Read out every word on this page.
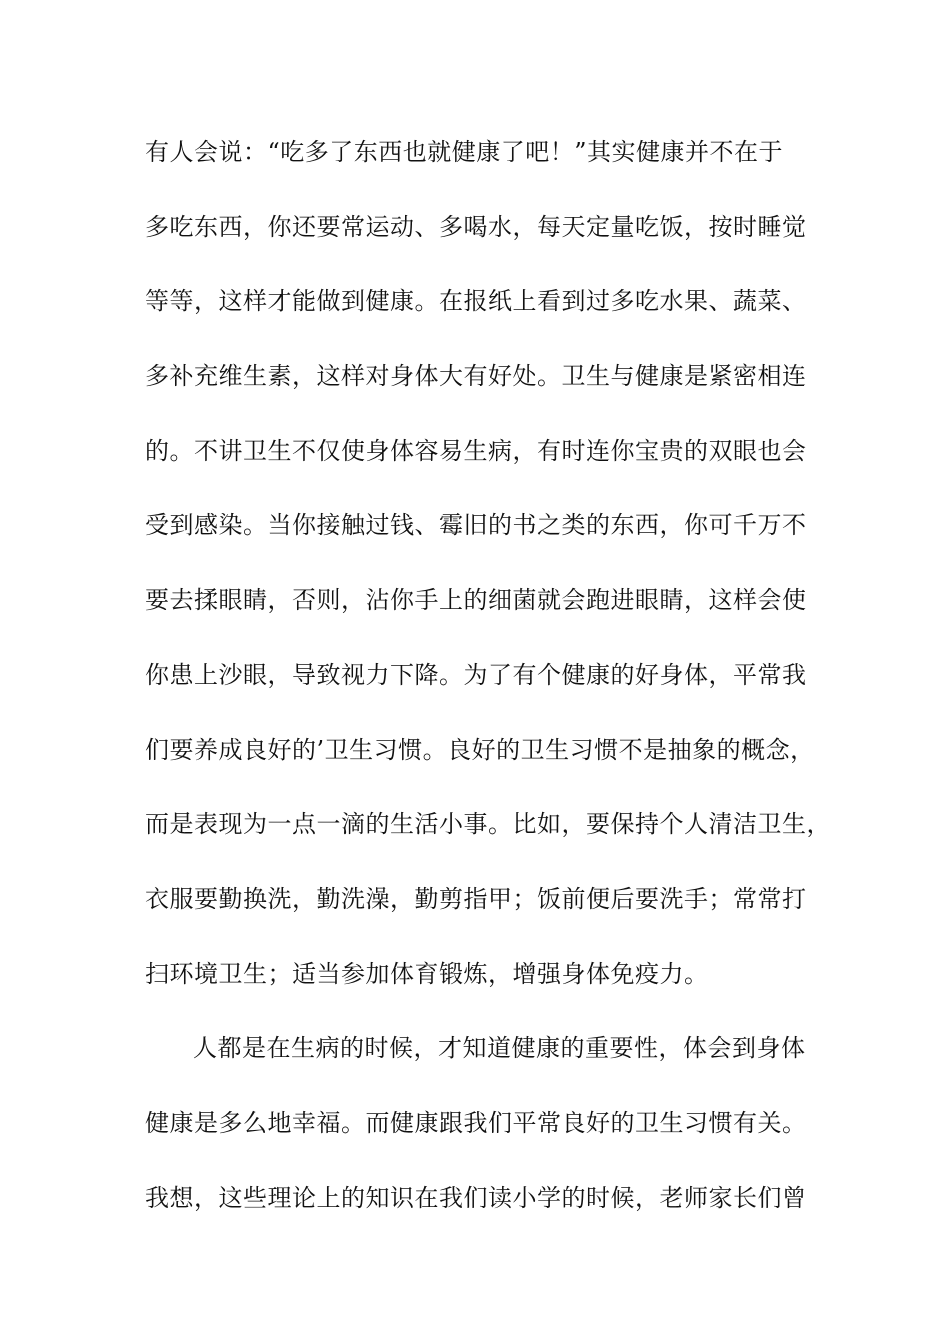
有人会说：“吃多了东西也就健康了吧！”其实健康并不在于
多吃东西，你还要常运动、多喝水，每天定量吃饭，按时睡觉
等等，这样才能做到健康。在报纸上看到过多吃水果、蔬菜、
多补充维生素，这样对身体大有好处。卫生与健康是紧密相连
的。不讲卫生不仅使身体容易生病，有时连你宝贵的双眼也会
受到感染。当你接触过钱、霉旧的书之类的东西，你可千万不
要去揉眼睛，否则，沾你手上的细菌就会跑进眼睛，这样会使
你患上沙眼，导致视力下降。为了有个健康的好身体，平常我
们要养成良好的’卫生习惯。良好的卫生习惯不是抽象的概念，
而是表现为一点一滴的生活小事。比如，要保持个人清洁卫生，
衣服要勤换洗，勤洗澡，勤剪指甲；饭前便后要洗手；常常打
扫环境卫生；适当参加体育锻炼，增强身体免疫力。
人都是在生病的时候，才知道健康的重要性，体会到身体
健康是多么地幸福。而健康跟我们平常良好的卫生习惯有关。
我想，这些理论上的知识在我们读小学的时候，老师家长们曾
